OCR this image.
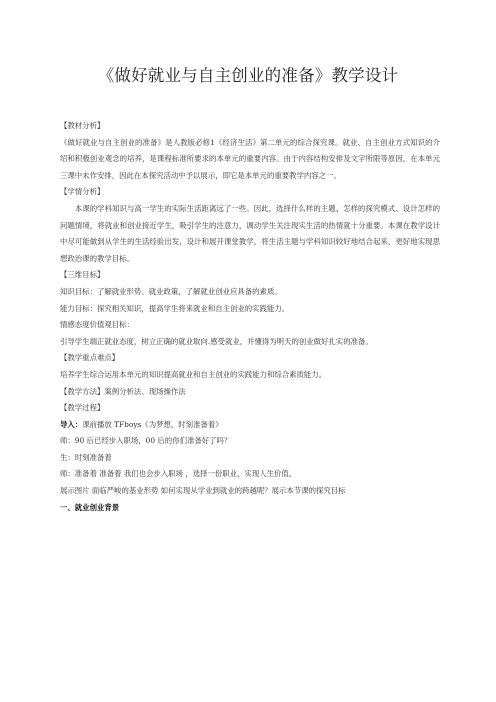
《做好就业与自主创业的准备》教学设计

【教材分析】

《做好就业与自主创业的准备》是人教版必修1《经济生活》第二单元的综合探究课。就业、自主创业方式知识的介绍和积极创业观念的培养，是课程标准所要求的本单元的重要内容。由于内容结构安排及文字所限等原因，在本单元三课中未作安排，因此在本探究活动中予以展示，即它是本单元的重要教学内容之一。

【学情分析】

本课的学科知识与高一学生的实际生活距离远了一些。因此，选择什么样的主题、怎样的探究模式、设计怎样的问题情境，将就业和创业接近学生，吸引学生的注意力，调动学生关注现实生活的热情就十分重要。本课在教学设计中尽可能做到从学生的生活经验出发，设计和展开课堂教学，将生活主题与学科知识较好地结合起来，更好地实现思想政治课的教学目标。

【三维目标】

知识目标：了解就业形势、就业政策，了解就业创业应具备的素质。

能力目标：探究相关知识，提高学生将来就业和自主创业的实践能力。

情感态度价值观目标：

引导学生端正就业态度，树立正确的就业取向.感受就业，并懂得为明天的创业做好扎实的准备。

【教学重点难点】

培养学生综合运用本单元的知识提高就业和自主创业的实践能力和综合素质能力。

【教学方法】案例分析法、现场操作法

【教学过程】

导入：课前播放 TFboys《为梦想，时刻准备着》

师：90 后已经步入职场，00 后的你们准备好了吗？

生：时刻准备着

师：准备着 准备着 我们也会步入职场 ，选择一份职业，实现人生价值。

展示图片 面临严峻的基业形势 如何实现从学业到就业的跨越呢？展示本节课的探究目标

一、就业创业背景
